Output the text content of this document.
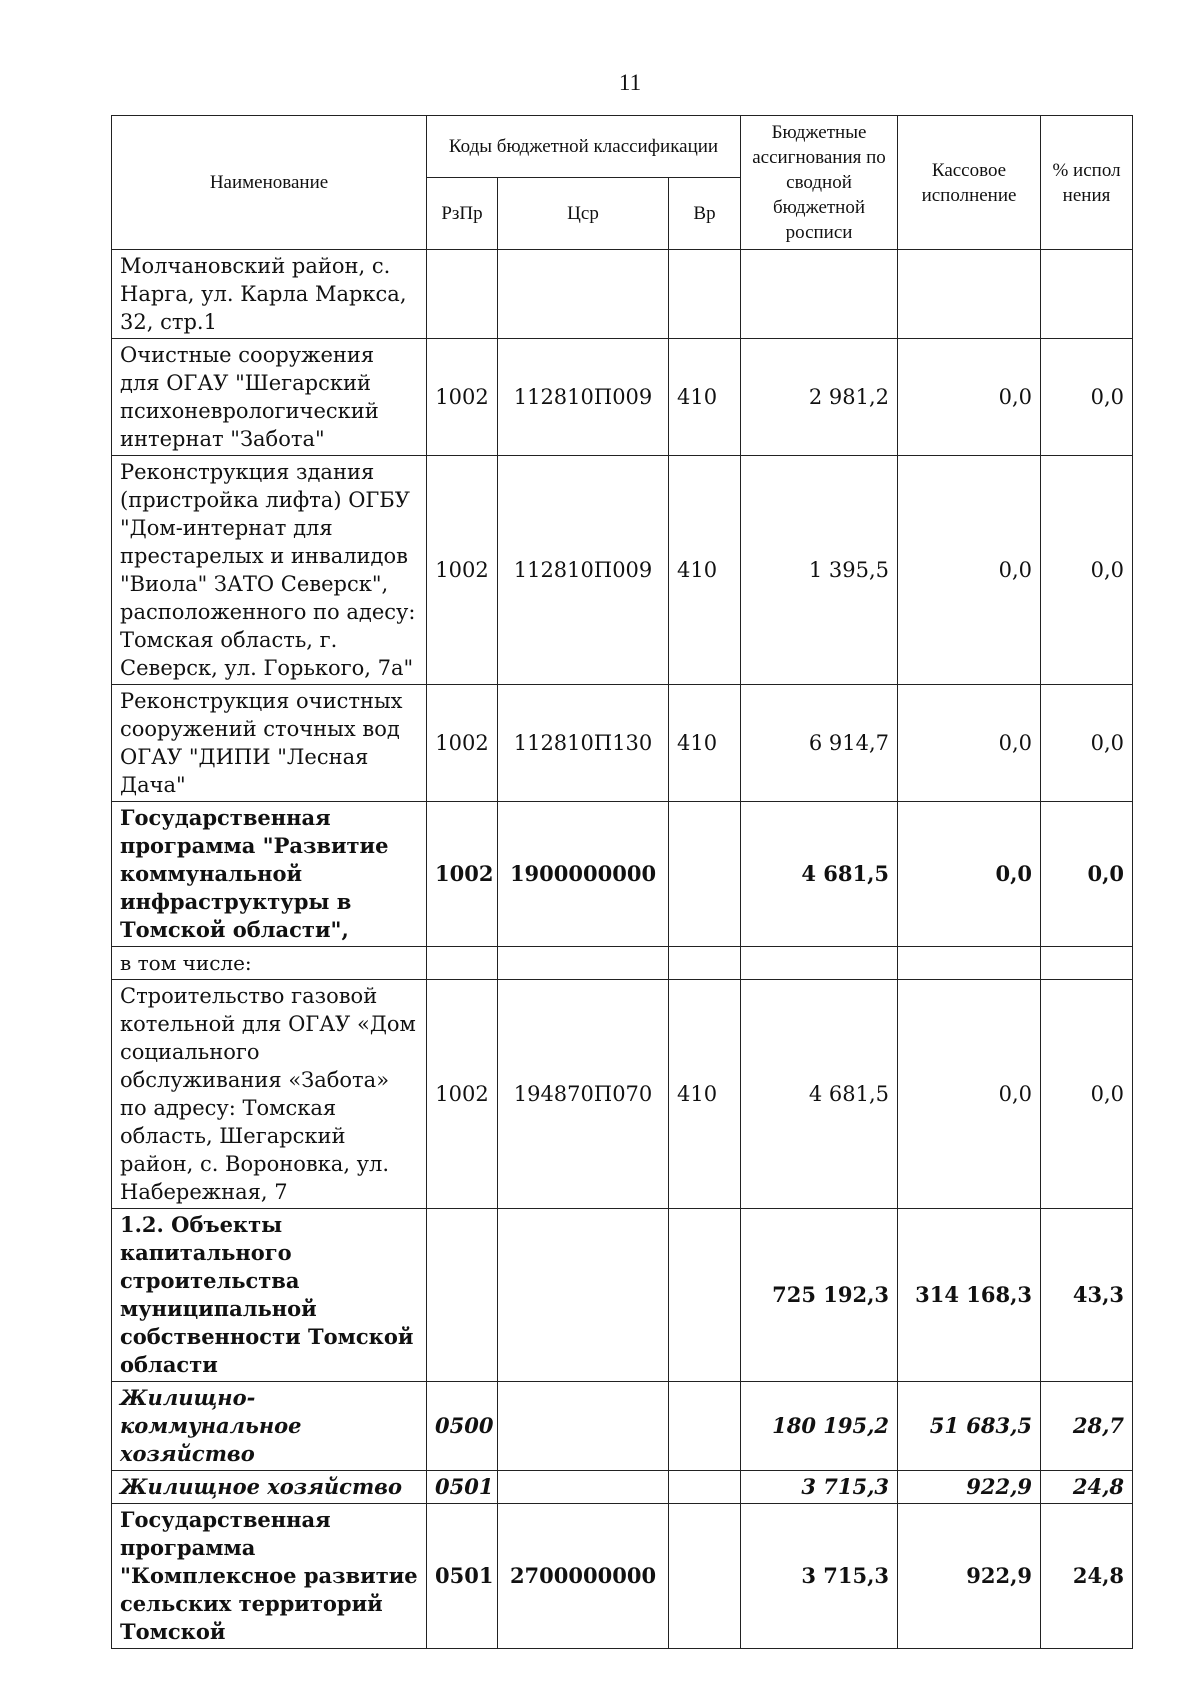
11
Наименование	Коды бюджетной классификации			Бюджетные ассигнования по сводной бюджетной росписи	Кассовое исполнение	% испол нения
	РзПр	Цср	Вр			
Молчановский район, с. Нарга, ул. Карла Маркса, 32, стр.1						
Очистные сооружения для ОГАУ "Шегарский психоневрологический интернат "Забота"	1002	112810П009	410	2 981,2	0,0	0,0
Реконструкция здания (пристройка лифта) ОГБУ "Дом-интернат для престарелых и инвалидов "Виола" ЗАТО Северск", расположенного по адесу: Томская область, г. Северск, ул. Горького, 7а"	1002	112810П009	410	1 395,5	0,0	0,0
Реконструкция очистных сооружений сточных вод ОГАУ "ДИПИ "Лесная Дача"	1002	112810П130	410	6 914,7	0,0	0,0
Государственная программа "Развитие коммунальной инфраструктуры в Томской области",	1002	1900000000		4 681,5	0,0	0,0
в том числе:						
Строительство газовой котельной для ОГАУ «Дом социального обслуживания «Забота» по адресу: Томская область, Шегарский район, с. Вороновка, ул. Набережная, 7	1002	194870П070	410	4 681,5	0,0	0,0
1.2. Объекты капитального строительства муниципальной собственности Томской области				725 192,3	314 168,3	43,3
Жилищно-коммунальное хозяйство	0500			180 195,2	51 683,5	28,7
Жилищное хозяйство	0501			3 715,3	922,9	24,8
Государственная программа "Комплексное развитие сельских территорий Томской	0501	2700000000		3 715,3	922,9	24,8
